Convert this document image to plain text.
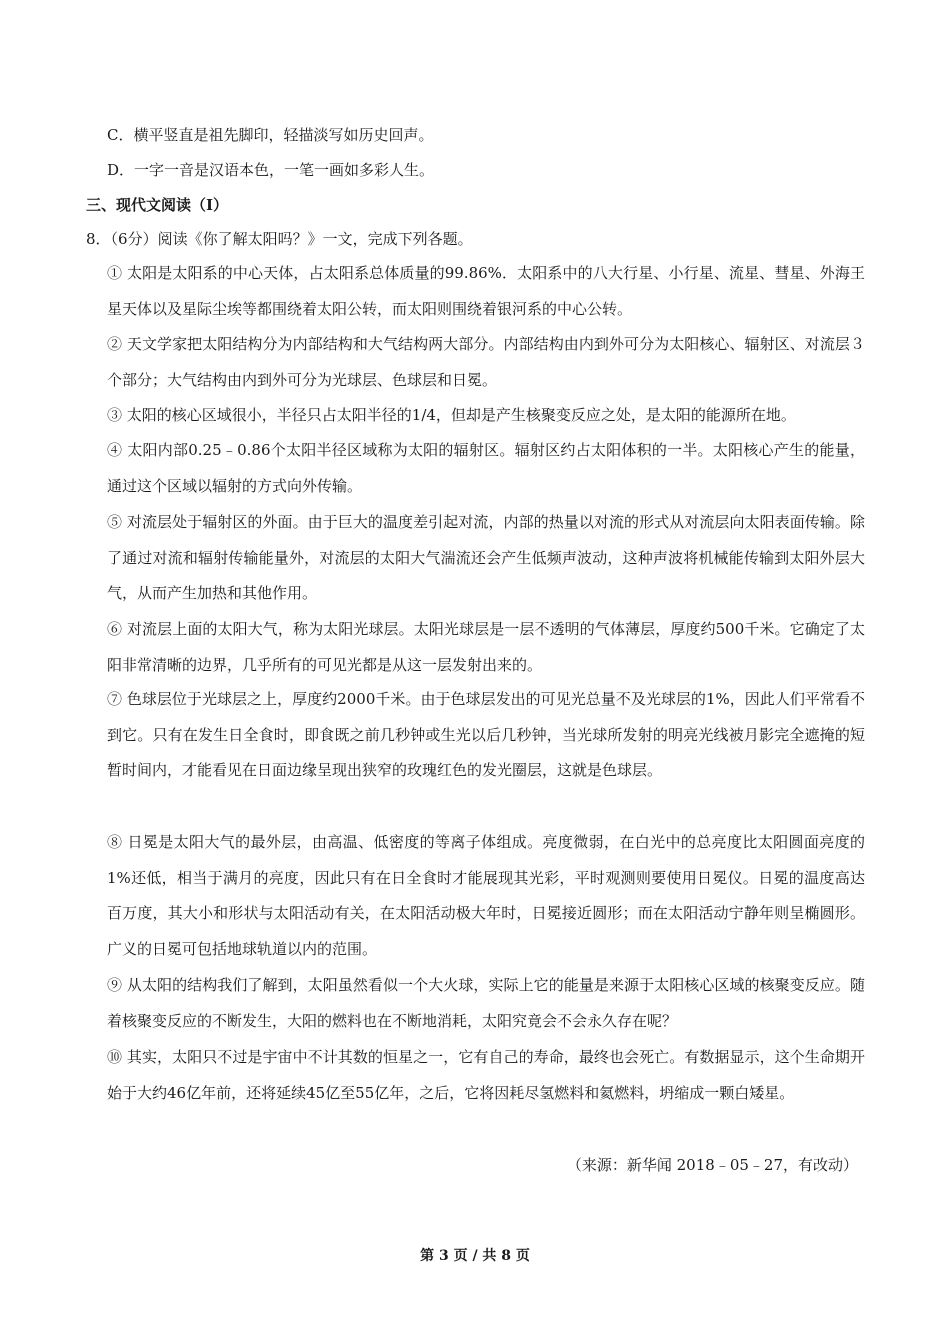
C．横平竖直是祖先脚印，轻描淡写如历史回声。
D．一字一音是汉语本色，一笔一画如多彩人生。
三、现代文阅读（Ⅰ）
8．（6分）阅读《你了解太阳吗？》一文，完成下列各题。
① 太阳是太阳系的中心天体，占太阳系总体质量的99.86%．太阳系中的八大行星、小行星、流星、彗星、外海王星天体以及星际尘埃等都围绕着太阳公转，而太阳则围绕着银河系的中心公转。
② 天文学家把太阳结构分为内部结构和大气结构两大部分。内部结构由内到外可分为太阳核心、辐射区、对流层３个部分；大气结构由内到外可分为光球层、色球层和日冕。
③ 太阳的核心区域很小，半径只占太阳半径的1/4，但却是产生核聚变反应之处，是太阳的能源所在地。
④ 太阳内部0.25﹣0.86个太阳半径区域称为太阳的辐射区。辐射区约占太阳体积的一半。太阳核心产生的能量，通过这个区域以辐射的方式向外传输。
⑤ 对流层处于辐射区的外面。由于巨大的温度差引起对流，内部的热量以对流的形式从对流层向太阳表面传输。除了通过对流和辐射传输能量外，对流层的太阳大气湍流还会产生低频声波动，这种声波将机械能传输到太阳外层大气，从而产生加热和其他作用。
⑥ 对流层上面的太阳大气，称为太阳光球层。太阳光球层是一层不透明的气体薄层，厚度约500千米。它确定了太阳非常清晰的边界，几乎所有的可见光都是从这一层发射出来的。
⑦ 色球层位于光球层之上，厚度约2000千米。由于色球层发出的可见光总量不及光球层的1%，因此人们平常看不到它。只有在发生日全食时，即食既之前几秒钟或生光以后几秒钟，当光球所发射的明亮光线被月影完全遮掩的短暂时间内，才能看见在日面边缘呈现出狭窄的玫瑰红色的发光圈层，这就是色球层。
⑧ 日冕是太阳大气的最外层，由高温、低密度的等离子体组成。亮度微弱，在白光中的总亮度比太阳圆面亮度的1%还低，相当于满月的亮度，因此只有在日全食时才能展现其光彩，平时观测则要使用日冕仪。日冕的温度高达百万度，其大小和形状与太阳活动有关，在太阳活动极大年时，日冕接近圆形；而在太阳活动宁静年则呈椭圆形。广义的日冕可包括地球轨道以内的范围。
⑨ 从太阳的结构我们了解到，太阳虽然看似一个大火球，实际上它的能量是来源于太阳核心区域的核聚变反应。随着核聚变反应的不断发生，大阳的燃料也在不断地消耗，太阳究竟会不会永久存在呢？
⑩ 其实，太阳只不过是宇宙中不计其数的恒星之一，它有自己的寿命，最终也会死亡。有数据显示，这个生命期开始于大约46亿年前，还将延续45亿至55亿年，之后，它将因耗尽氢燃料和氦燃料，坍缩成一颗白矮星。
（来源：新华闻 2018﹣05﹣27，有改动）
第 3 页 / 共 8 页
